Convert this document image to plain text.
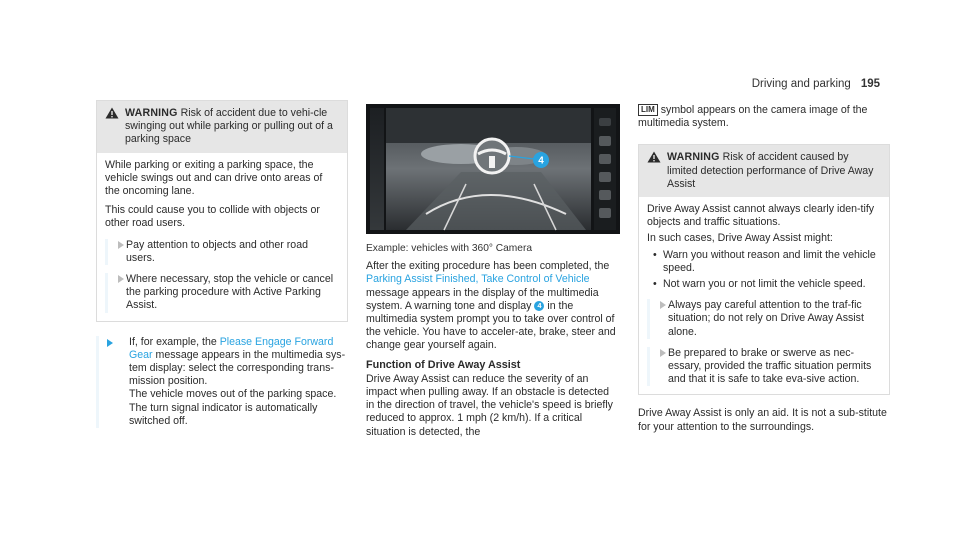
Driving and parking 195
WARNING Risk of accident due to vehi-cle swinging out while parking or pulling out of a parking space

While parking or exiting a parking space, the vehicle swings out and can drive onto areas of the oncoming lane.

This could cause you to collide with objects or other road users.

Pay attention to objects and other road users.
Where necessary, stop the vehicle or cancel the parking procedure with Active Parking Assist.
If, for example, the Please Engage Forward Gear message appears in the multimedia sys-tem display: select the corresponding trans-mission position.
The vehicle moves out of the parking space.
The turn signal indicator is automatically switched off.
4

Example: vehicles with 360° Camera

After the exiting procedure has been completed, the Parking Assist Finished, Take Control of Vehicle message appears in the display of the multimedia system. A warning tone and display 4 in the multimedia system prompt you to take over control of the vehicle. You have to acceler-ate, brake, steer and change gear yourself again.
Function of Drive Away Assist
Drive Away Assist can reduce the severity of an impact when pulling away. If an obstacle is detected in the direction of travel, the vehicle's speed is briefly reduced to approx. 1 mph (2 km/h). If a critical situation is detected, the
LIM symbol appears on the camera image of the multimedia system.
WARNING Risk of accident caused by limited detection performance of Drive Away Assist

Drive Away Assist cannot always clearly iden-tify objects and traffic situations.

In such cases, Drive Away Assist might:

• Warn you without reason and limit the vehicle speed.
• Not warn you or not limit the vehicle speed.
Always pay careful attention to the traf-fic situation; do not rely on Drive Away Assist alone.
Be prepared to brake or swerve as nec-essary, provided the traffic situation permits and that it is safe to take eva-sive action.
Drive Away Assist is only an aid. It is not a sub-stitute for your attention to the surroundings.
